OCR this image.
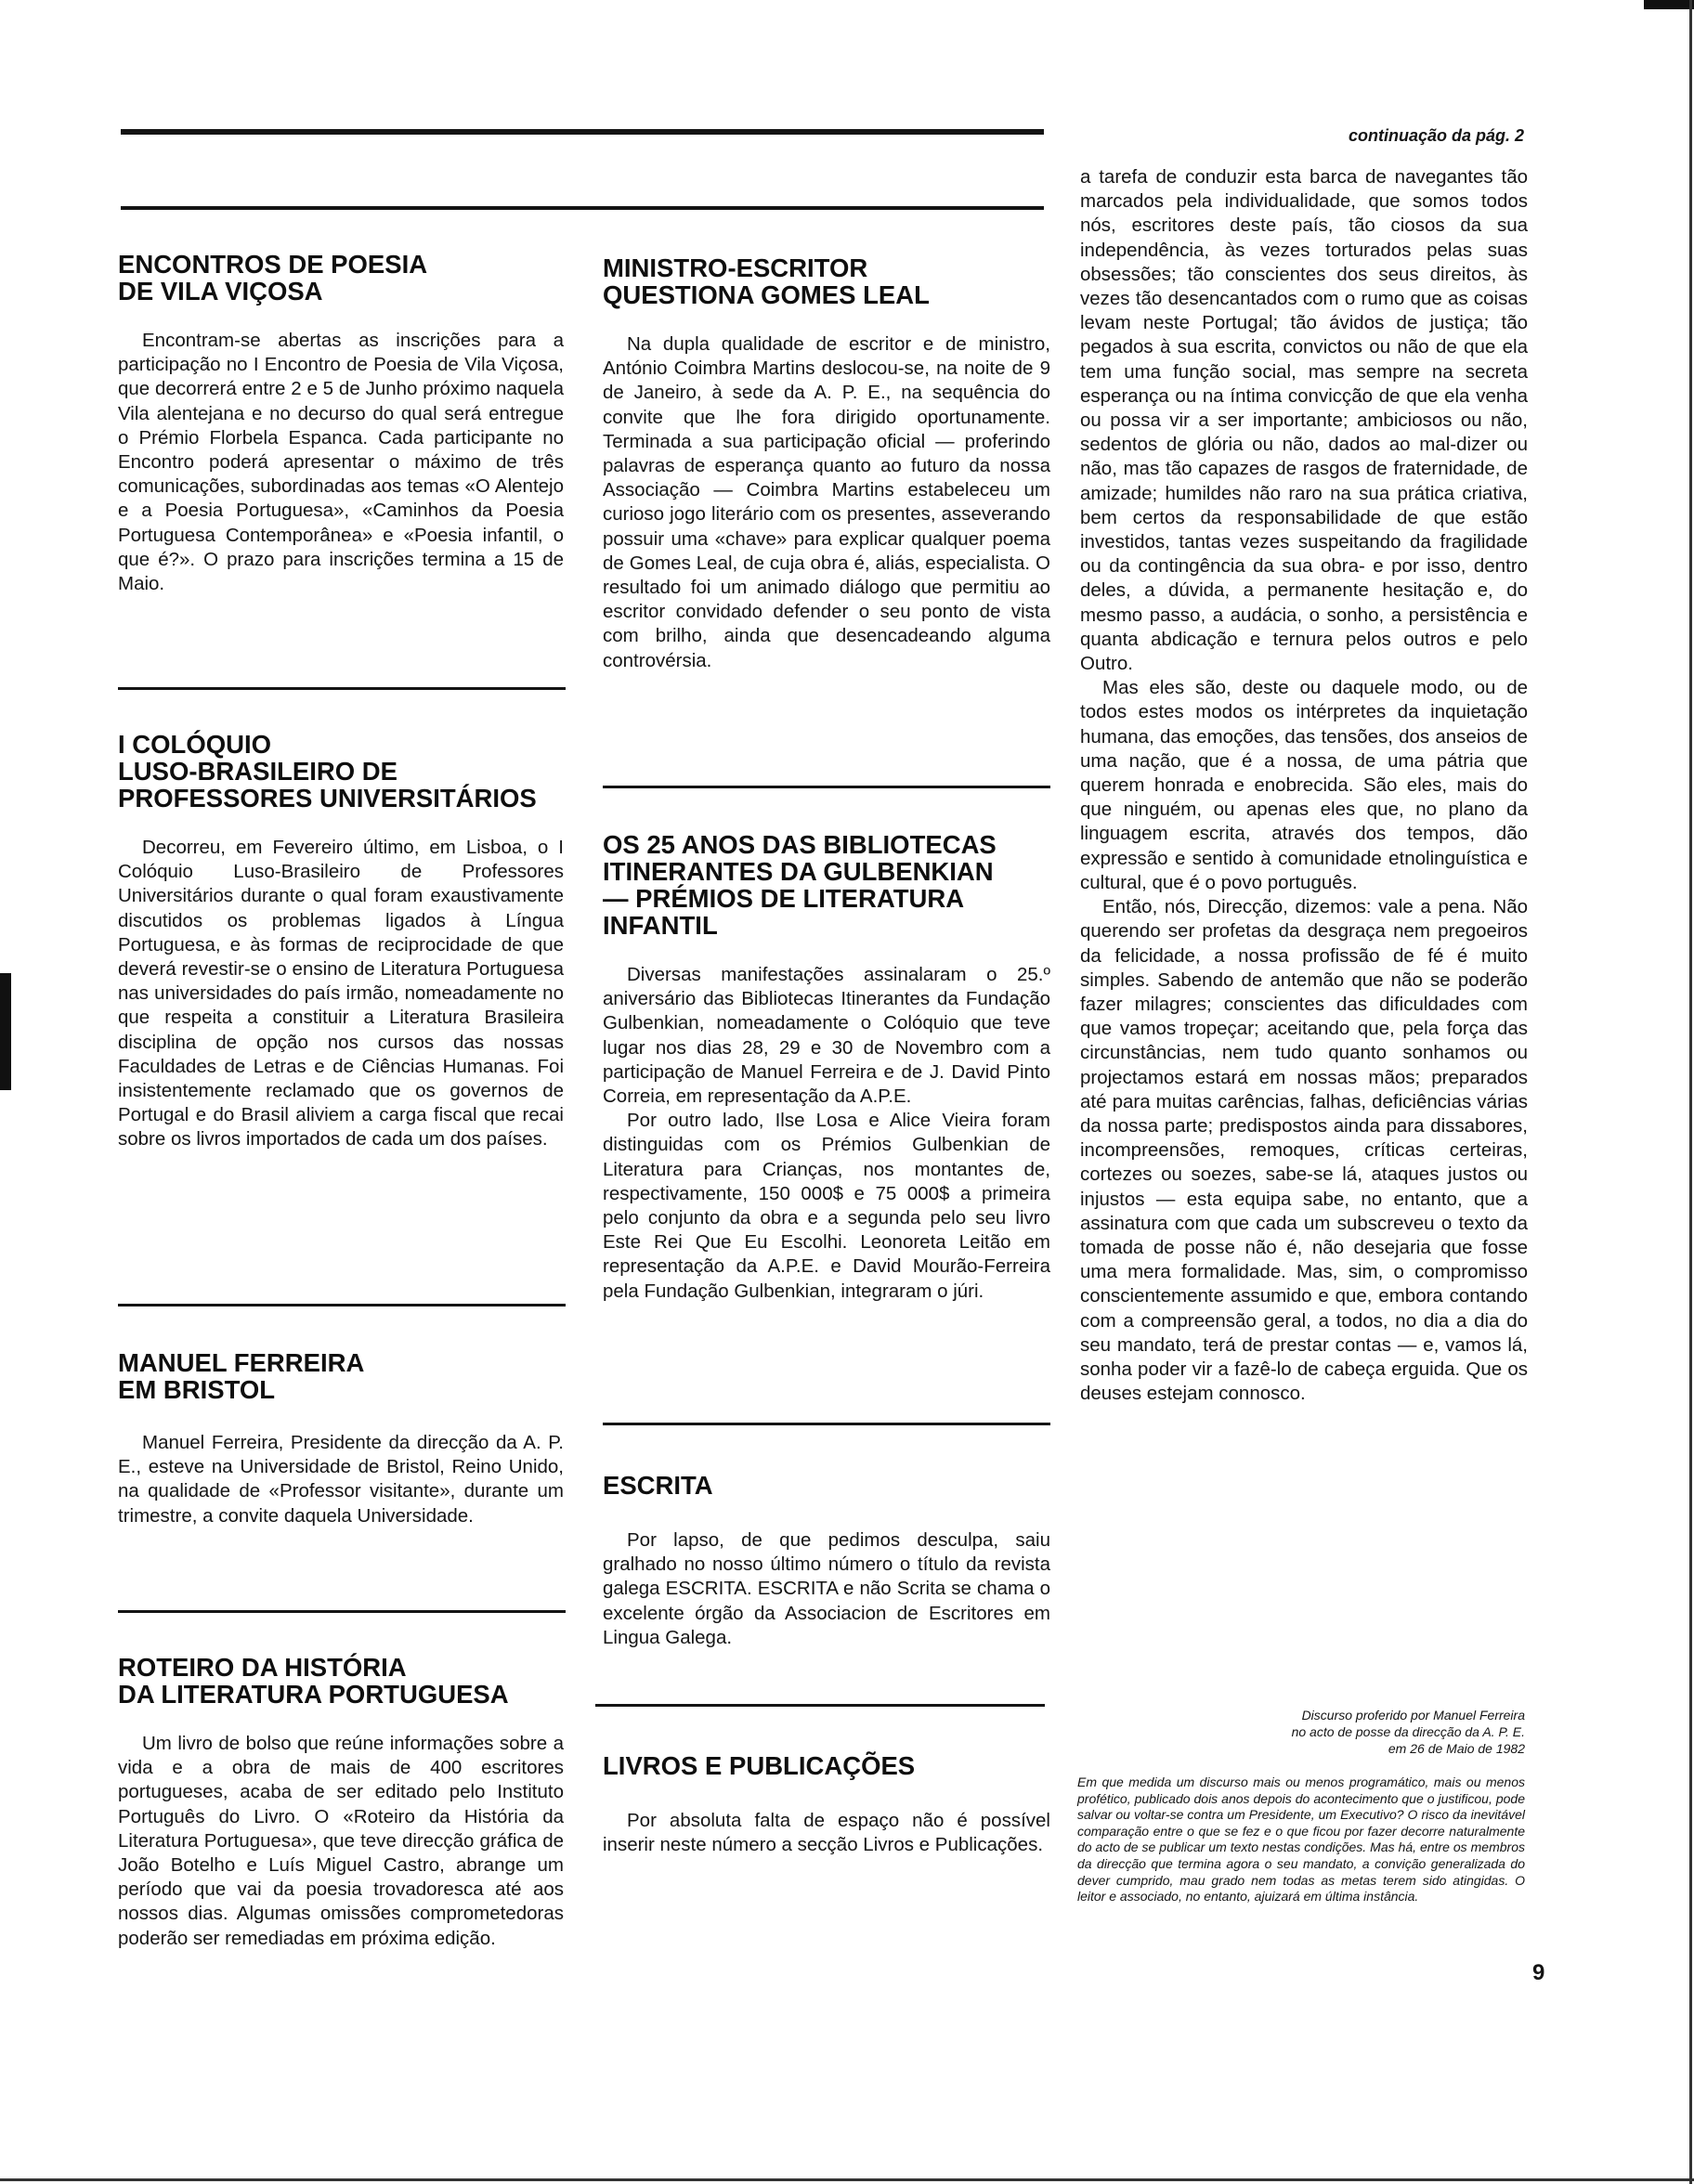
continuação da pág. 2
ENCONTROS DE POESIA
DE VILA VIÇOSA

Encontram-se abertas as inscrições para a participação no I Encontro de Poesia de Vila Viçosa, que decorrerá entre 2 e 5 de Junho próximo naquela Vila alentejana e no decurso do qual será entregue o Prémio Florbela Espanca. Cada participante no Encontro poderá apresentar o máximo de três comunicações, subordinadas aos temas «O Alentejo e a Poesia Portuguesa», «Caminhos da Poesia Portuguesa Contemporânea» e «Poesia infantil, o que é?». O prazo para inscrições termina a 15 de Maio.

I COLÓQUIO
LUSO-BRASILEIRO DE
PROFESSORES UNIVERSITÁRIOS

Decorreu, em Fevereiro último, em Lisboa, o I Colóquio Luso-Brasileiro de Professores Universitários durante o qual foram exaustivamente discutidos os problemas ligados à Língua Portuguesa, e às formas de reciprocidade de que deverá revestir-se o ensino de Literatura Portuguesa nas universidades do país irmão, nomeadamente no que respeita a constituir a Literatura Brasileira disciplina de opção nos cursos das nossas Faculdades de Letras e de Ciências Humanas. Foi insistentemente reclamado que os governos de Portugal e do Brasil aliviem a carga fiscal que recai sobre os livros importados de cada um dos países.

MANUEL FERREIRA
EM BRISTOL

Manuel Ferreira, Presidente da direcção da A. P. E., esteve na Universidade de Bristol, Reino Unido, na qualidade de «Professor visitante», durante um trimestre, a convite daquela Universidade.

ROTEIRO DA HISTÓRIA
DA LITERATURA PORTUGUESA

Um livro de bolso que reúne informações sobre a vida e a obra de mais de 400 escritores portugueses, acaba de ser editado pelo Instituto Português do Livro. O «Roteiro da História da Literatura Portuguesa», que teve direcção gráfica de João Botelho e Luís Miguel Castro, abrange um período que vai da poesia trovadoresca até aos nossos dias. Algumas omissões comprometedoras poderão ser remediadas em próxima edição.

MINISTRO-ESCRITOR
QUESTIONA GOMES LEAL

Na dupla qualidade de escritor e de ministro, António Coimbra Martins deslocou-se, na noite de 9 de Janeiro, à sede da A. P. E., na sequência do convite que lhe fora dirigido oportunamente. Terminada a sua participação oficial — proferindo palavras de esperança quanto ao futuro da nossa Associação — Coimbra Martins estabeleceu um curioso jogo literário com os presentes, asseverando possuir uma «chave» para explicar qualquer poema de Gomes Leal, de cuja obra é, aliás, especialista. O resultado foi um animado diálogo que permitiu ao escritor convidado defender o seu ponto de vista com brilho, ainda que desencadeando alguma controvérsia.

OS 25 ANOS DAS BIBLIOTECAS
ITINERANTES DA GULBENKIAN
— PRÉMIOS DE LITERATURA
INFANTIL

Diversas manifestações assinalaram o 25.º aniversário das Bibliotecas Itinerantes da Fundação Gulbenkian, nomeadamente o Colóquio que teve lugar nos dias 28, 29 e 30 de Novembro com a participação de Manuel Ferreira e de J. David Pinto Correia, em representação da A.P.E.

Por outro lado, Ilse Losa e Alice Vieira foram distinguidas com os Prémios Gulbenkian de Literatura para Crianças, nos montantes de, respectivamente, 150 000$ e 75 000$ a primeira pelo conjunto da obra e a segunda pelo seu livro Este Rei Que Eu Escolhi. Leonoreta Leitão em representação da A.P.E. e David Mourão-Ferreira pela Fundação Gulbenkian, integraram o júri.

ESCRITA

Por lapso, de que pedimos desculpa, saiu gralhado no nosso último número o título da revista galega ESCRITA. ESCRITA e não Scrita se chama o excelente órgão da Associacion de Escritores em Lingua Galega.

LIVROS E PUBLICAÇÕES

Por absoluta falta de espaço não é possível inserir neste número a secção Livros e Publicações.

a tarefa de conduzir esta barca de navegantes tão marcados pela individualidade, que somos todos nós, escritores deste país, tão ciosos da sua independência, às vezes torturados pelas suas obsessões; tão conscientes dos seus direitos, às vezes tão desencantados com o rumo que as coisas levam neste Portugal; tão ávidos de justiça; tão pegados à sua escrita, convictos ou não de que ela tem uma função social, mas sempre na secreta esperança ou na íntima convicção de que ela venha ou possa vir a ser importante; ambiciosos ou não, sedentos de glória ou não, dados ao mal-dizer ou não, mas tão capazes de rasgos de fraternidade, de amizade; humildes não raro na sua prática criativa, bem certos da responsabilidade de que estão investidos, tantas vezes suspeitando da fragilidade ou da contingência da sua obra- e por isso, dentro deles, a dúvida, a permanente hesitação e, do mesmo passo, a audácia, o sonho, a persistência e quanta abdicação e ternura pelos outros e pelo Outro.

Mas eles são, deste ou daquele modo, ou de todos estes modos os intérpretes da inquietação humana, das emoções, das tensões, dos anseios de uma nação, que é a nossa, de uma pátria que querem honrada e enobrecida. São eles, mais do que ninguém, ou apenas eles que, no plano da linguagem escrita, através dos tempos, dão expressão e sentido à comunidade etnolinguística e cultural, que é o povo português.

Então, nós, Direcção, dizemos: vale a pena. Não querendo ser profetas da desgraça nem pregoeiros da felicidade, a nossa profissão de fé é muito simples. Sabendo de antemão que não se poderão fazer milagres; conscientes das dificuldades com que vamos tropeçar; aceitando que, pela força das circunstâncias, nem tudo quanto sonhamos ou projectamos estará em nossas mãos; preparados até para muitas carências, falhas, deficiências várias da nossa parte; predispostos ainda para dissabores, incompreensões, remoques, críticas certeiras, cortezes ou soezes, sabe-se lá, ataques justos ou injustos — esta equipa sabe, no entanto, que a assinatura com que cada um subscreveu o texto da tomada de posse não é, não desejaria que fosse uma mera formalidade. Mas, sim, o compromisso conscientemente assumido e que, embora contando com a compreensão geral, a todos, no dia a dia do seu mandato, terá de prestar contas — e, vamos lá, sonha poder vir a fazê-lo de cabeça erguida. Que os deuses estejam connosco.

Discurso proferido por Manuel Ferreira
no acto de posse da direcção da A. P. E.
em 26 de Maio de 1982
Em que medida um discurso mais ou menos programático, mais ou menos profético, publicado dois anos depois do acontecimento que o justificou, pode salvar ou voltar-se contra um Presidente, um Executivo? O risco da inevitável comparação entre o que se fez e o que ficou por fazer decorre naturalmente do acto de se publicar um texto nestas condições. Mas há, entre os membros da direcção que termina agora o seu mandato, a convição generalizada do dever cumprido, mau grado nem todas as metas terem sido atingidas. O leitor e associado, no entanto, ajuizará em última instância.
9
